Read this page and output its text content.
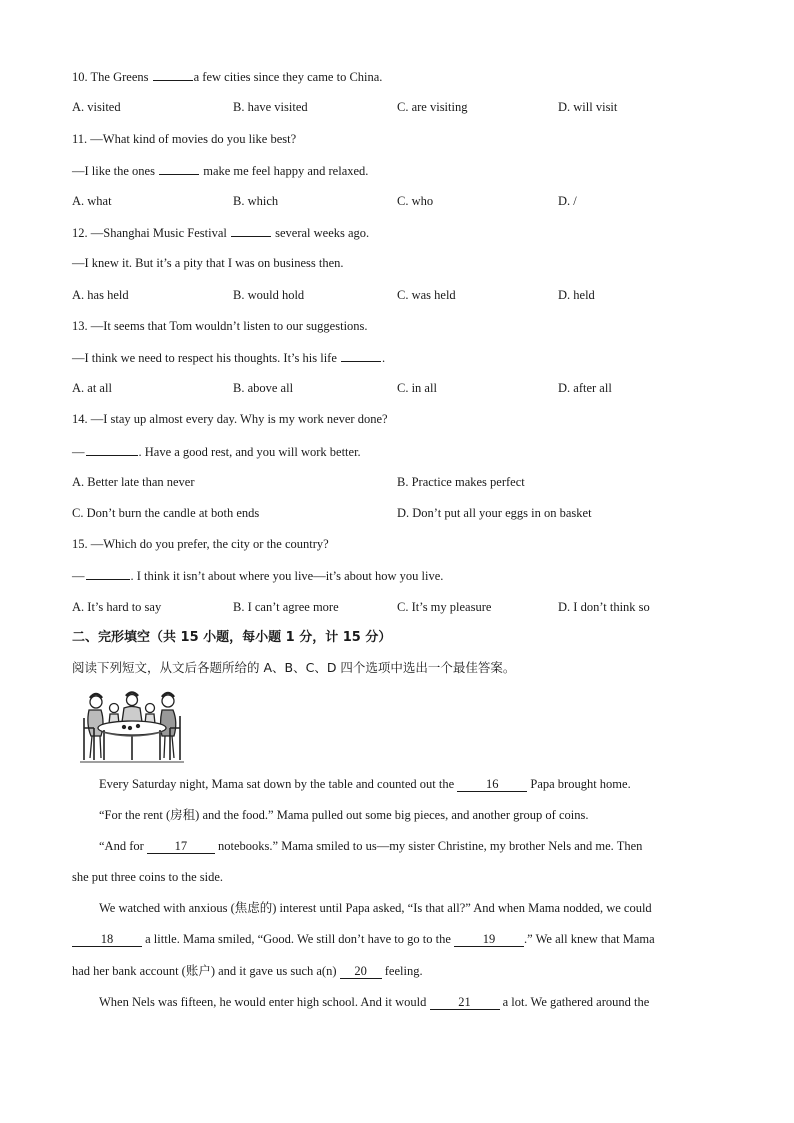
10. The Greens	a few cities since they came to China.
A. visited	B. have visited	C. are visiting	D. will visit
11. —What kind of movies do you like best?
—I like the ones	make me feel happy and relaxed.
A. what	B. which	C. who	D. /
12. —Shanghai Music Festival	several weeks ago.
—I knew it. But it’s a pity that I was on business then.
A. has held	B. would hold	C. was held	D. held
13. —It seems that Tom wouldn’t listen to our suggestions.
—I think we need to respect his thoughts. It’s his life	.
A. at all	B. above all	C. in all	D. after all
14. —I stay up almost every day. Why is my work never done?
—	. Have a good rest, and you will work better.
A. Better late than never	B. Practice makes perfect
C. Don’t burn the candle at both ends	D. Don’t put all your eggs in on basket
15. —Which do you prefer, the city or the country?
—	. I think it isn’t about where you live—it’s about how you live.
A. It’s hard to say	B. I can’t agree more	C. It’s my pleasure	D. I don’t think so
二、完形填空（共 15 小题，每小题 1 分，计 15 分）
阅读下列短文，从文后各题所给的 A、B、C、D 四个选项中选出一个最佳答案。
Every Saturday night, Mama sat down by the table and counted out the	16	Papa brought home.
“For the rent (房租) and the food.” Mama pulled out some big pieces, and another group of coins.
“And for 17 notebooks.” Mama smiled to us—my sister Christine, my brother Nels and me. Then
she put three coins to the side.
We watched with anxious (焦虑的) interest until Papa asked, “Is that all?” And when Mama nodded, we could
18	a little. Mama smiled, “Good. We still don’t have to go to the	19 .” We all knew that Mama
had her bank account (账户) and it gave us such a(n) 20 feeling.
When Nels was fifteen, he would enter high school. And it would	21	a lot. We gathered around the
